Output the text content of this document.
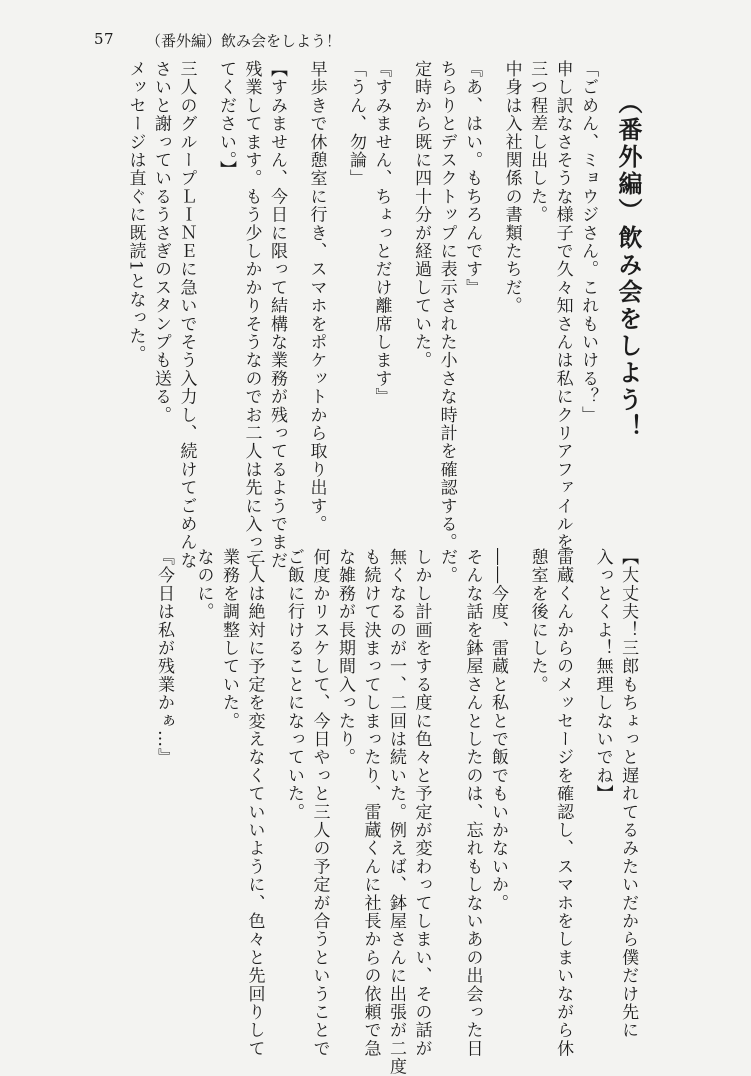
57 （番外編）飲み会をしよう！
（番外編）飲み会をしよう！
「ごめん、ミョウジさん。これもいける？」
申し訳なさそうな様子で久々知さんは私にクリアファイルを
三つ程差し出した。
中身は入社関係の書類たちだ。
『あ、はい。もちろんです』
ちらりとデスクトップに表示された小さな時計を確認する。
定時から既に四十分が経過していた。
『すみません、ちょっとだけ離席します』
「うん、勿論」
早歩きで休憩室に行き、スマホをポケットから取り出す。
【すみません、今日に限って結構な業務が残ってるようでまだ
残業してます。もう少しかかりそうなのでお二人は先に入って
てください。】
三人のグループＬＩＮＥに急いでそう入力し、続けてごめんな
さいと謝っているうさぎのスタンプも送る。
メッセージは直ぐに既読1となった。
【大丈夫！三郎もちょっと遅れてるみたいだから僕だけ先に
入っとくよ！無理しないでね】
雷蔵くんからのメッセージを確認し、スマホをしまいながら休
憩室を後にした。
――今度、雷蔵と私とで飯でもいかないか。
そんな話を鉢屋さんとしたのは、忘れもしないあの出会った日
だ。
しかし計画をする度に色々と予定が変わってしまい、その話が
無くなるのが一、二回は続いた。例えば、鉢屋さんに出張が二度
も続けて決まってしまったり、雷蔵くんに社長からの依頼で急
な雑務が長期間入ったり。
何度かリスケして、今日やっと三人の予定が合うということで
ご飯に行けることになっていた。
二人は絶対に予定を変えなくていいように、色々と先回りして
業務を調整していた。
なのに。
『今日は私が残業かぁ…』
